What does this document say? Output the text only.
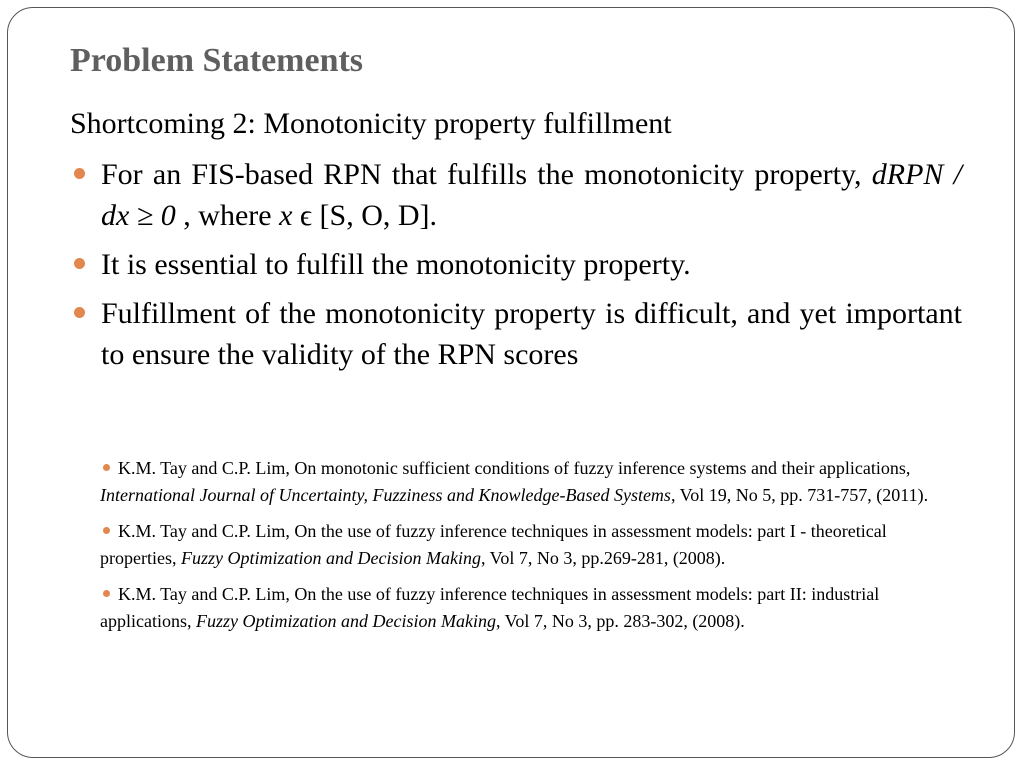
Problem Statements

Shortcoming 2: Monotonicity property fulfillment

For an FIS-based RPN that fulfills the monotonicity property, dRPN / dx ≥ 0 , where x ϵ [S, O, D].
It is essential to fulfill the monotonicity property.
Fulfillment of the monotonicity property is difficult, and yet important to ensure the validity of the RPN scores
K.M. Tay and C.P. Lim, On monotonic sufficient conditions of fuzzy inference systems and their applications, International Journal of Uncertainty, Fuzziness and Knowledge-Based Systems, Vol 19, No 5, pp. 731-757, (2011).
K.M. Tay and C.P. Lim, On the use of fuzzy inference techniques in assessment models: part I - theoretical properties, Fuzzy Optimization and Decision Making, Vol 7, No 3, pp.269-281, (2008).
K.M. Tay and C.P. Lim, On the use of fuzzy inference techniques in assessment models: part II: industrial applications, Fuzzy Optimization and Decision Making, Vol 7, No 3, pp. 283-302, (2008).
